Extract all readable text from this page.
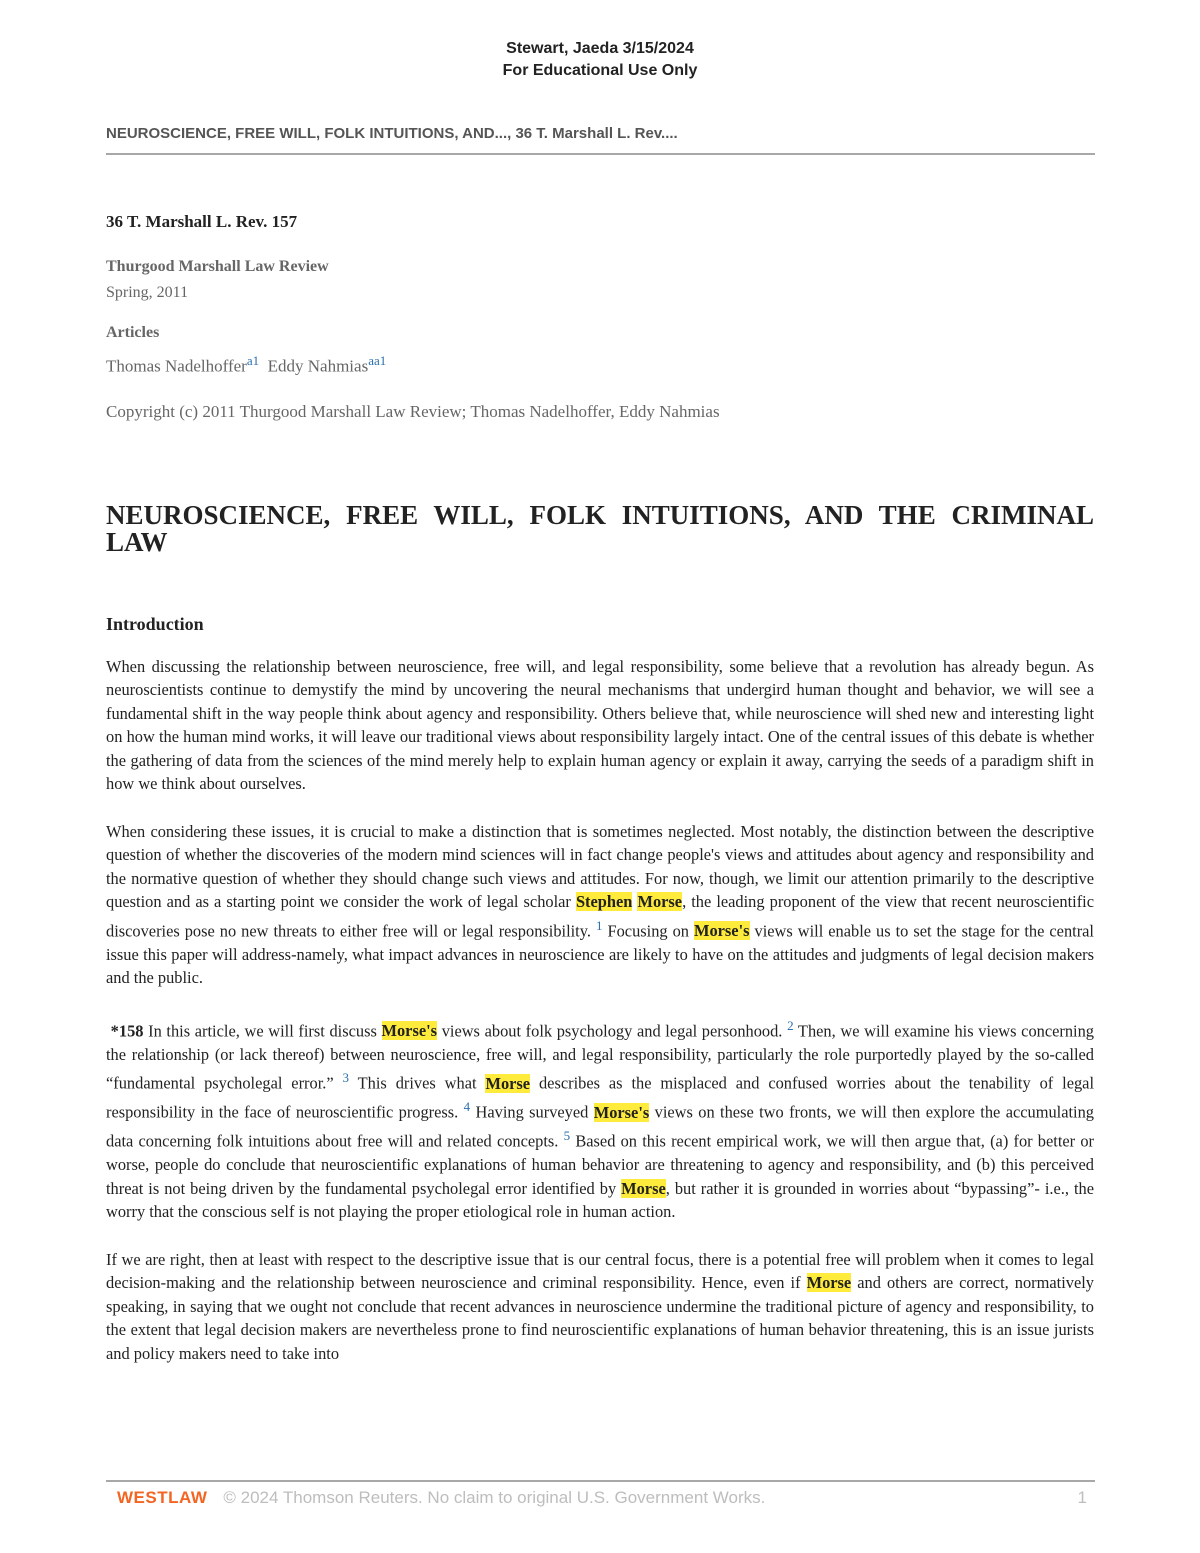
Stewart, Jaeda 3/15/2024
For Educational Use Only
NEUROSCIENCE, FREE WILL, FOLK INTUITIONS, AND..., 36 T. Marshall L. Rev....
36 T. Marshall L. Rev. 157
Thurgood Marshall Law Review
Spring, 2011
Articles
Thomas Nadelhoffer$^{a1}$ Eddy Nahmias$^{aa1}$
Copyright (c) 2011 Thurgood Marshall Law Review; Thomas Nadelhoffer, Eddy Nahmias
NEUROSCIENCE, FREE WILL, FOLK INTUITIONS, AND THE CRIMINAL LAW
Introduction

When discussing the relationship between neuroscience, free will, and legal responsibility, some believe that a revolution has already begun. As neuroscientists continue to demystify the mind by uncovering the neural mechanisms that undergird human thought and behavior, we will see a fundamental shift in the way people think about agency and responsibility. Others believe that, while neuroscience will shed new and interesting light on how the human mind works, it will leave our traditional views about responsibility largely intact. One of the central issues of this debate is whether the gathering of data from the sciences of the mind merely help to explain human agency or explain it away, carrying the seeds of a paradigm shift in how we think about ourselves.

When considering these issues, it is crucial to make a distinction that is sometimes neglected. Most notably, the distinction between the descriptive question of whether the discoveries of the modern mind sciences will in fact change people's views and attitudes about agency and responsibility and the normative question of whether they should change such views and attitudes. For now, though, we limit our attention primarily to the descriptive question and as a starting point we consider the work of legal scholar Stephen Morse, the leading proponent of the view that recent neuroscientific discoveries pose no new threats to either free will or legal responsibility. $^1$ Focusing on Morse's views will enable us to set the stage for the central issue this paper will address-namely, what impact advances in neuroscience are likely to have on the attitudes and judgments of legal decision makers and the public.

*158 In this article, we will first discuss Morse's views about folk psychology and legal personhood. $^2$ Then, we will examine his views concerning the relationship (or lack thereof) between neuroscience, free will, and legal responsibility, particularly the role purportedly played by the so-called “fundamental psycholegal error.” $^3$ This drives what Morse describes as the misplaced and confused worries about the tenability of legal responsibility in the face of neuroscientific progress. $^4$ Having surveyed Morse's views on these two fronts, we will then explore the accumulating data concerning folk intuitions about free will and related concepts. $^5$ Based on this recent empirical work, we will then argue that, (a) for better or worse, people do conclude that neuroscientific explanations of human behavior are threatening to agency and responsibility, and (b) this perceived threat is not being driven by the fundamental psycholegal error identified by Morse, but rather it is grounded in worries about “bypassing”- i.e., the worry that the conscious self is not playing the proper etiological role in human action.

If we are right, then at least with respect to the descriptive issue that is our central focus, there is a potential free will problem when it comes to legal decision-making and the relationship between neuroscience and criminal responsibility. Hence, even if Morse and others are correct, normatively speaking, in saying that we ought not conclude that recent advances in neuroscience undermine the traditional picture of agency and responsibility, to the extent that legal decision makers are nevertheless prone to find neuroscientific explanations of human behavior threatening, this is an issue jurists and policy makers need to take into

WESTLAW © 2024 Thomson Reuters. No claim to original U.S. Government Works.	1
